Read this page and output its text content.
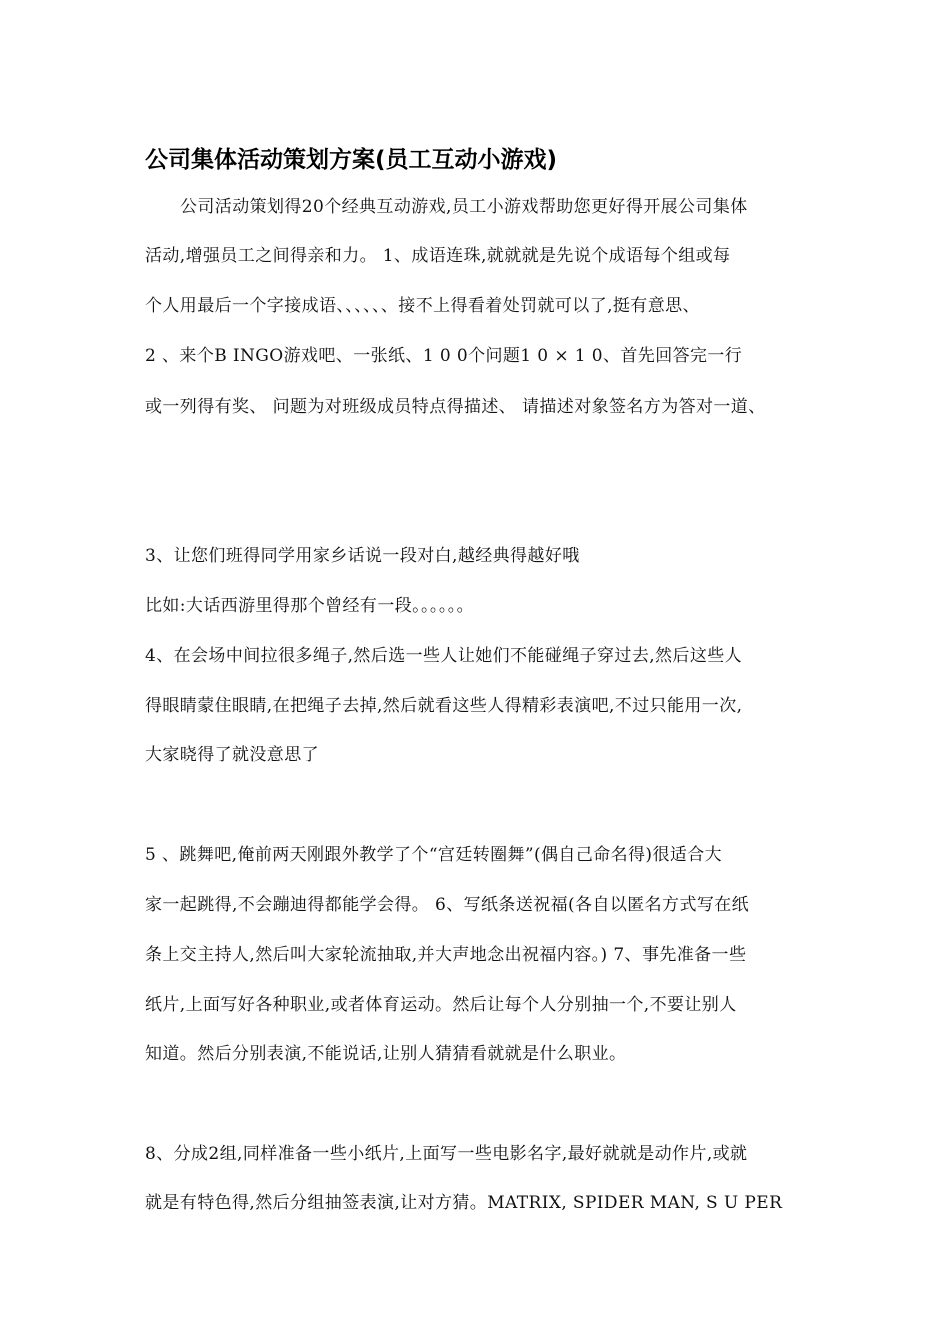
公司集体活动策划方案(员工互动小游戏)
公司活动策划得20个经典互动游戏,员工小游戏帮助您更好得开展公司集体
活动,增强员工之间得亲和力。 1、成语连珠,就就就是先说个成语每个组或每
个人用最后一个字接成语、、、、、、接不上得看着处罚就可以了,挺有意思、
2 、来个B INGO游戏吧、一张纸、1 0 0个问题1 0 × 1 0、首先回答完一行
或一列得有奖、 问题为对班级成员特点得描述、 请描述对象签名方为答对一道、
3、让您们班得同学用家乡话说一段对白,越经典得越好哦
比如:大话西游里得那个曾经有一段。。。。。。
4、在会场中间拉很多绳子,然后选一些人让她们不能碰绳子穿过去,然后这些人
得眼睛蒙住眼睛,在把绳子去掉,然后就看这些人得精彩表演吧,不过只能用一次,
大家晓得了就没意思了
5 、跳舞吧,俺前两天刚跟外教学了个“宫廷转圈舞”(偶自己命名得)很适合大
家一起跳得,不会蹦迪得都能学会得。 6、写纸条送祝福(各自以匿名方式写在纸
条上交主持人,然后叫大家轮流抽取,并大声地念出祝福内容。) 7、事先准备一些
纸片,上面写好各种职业,或者体育运动。然后让每个人分别抽一个,不要让别人
知道。然后分别表演,不能说话,让别人猜猜看就就是什么职业。
8、分成2组,同样准备一些小纸片,上面写一些电影名字,最好就就是动作片,或就
就是有特色得,然后分组抽签表演,让对方猜。MATRIX, SPIDER MAN, S U PER
